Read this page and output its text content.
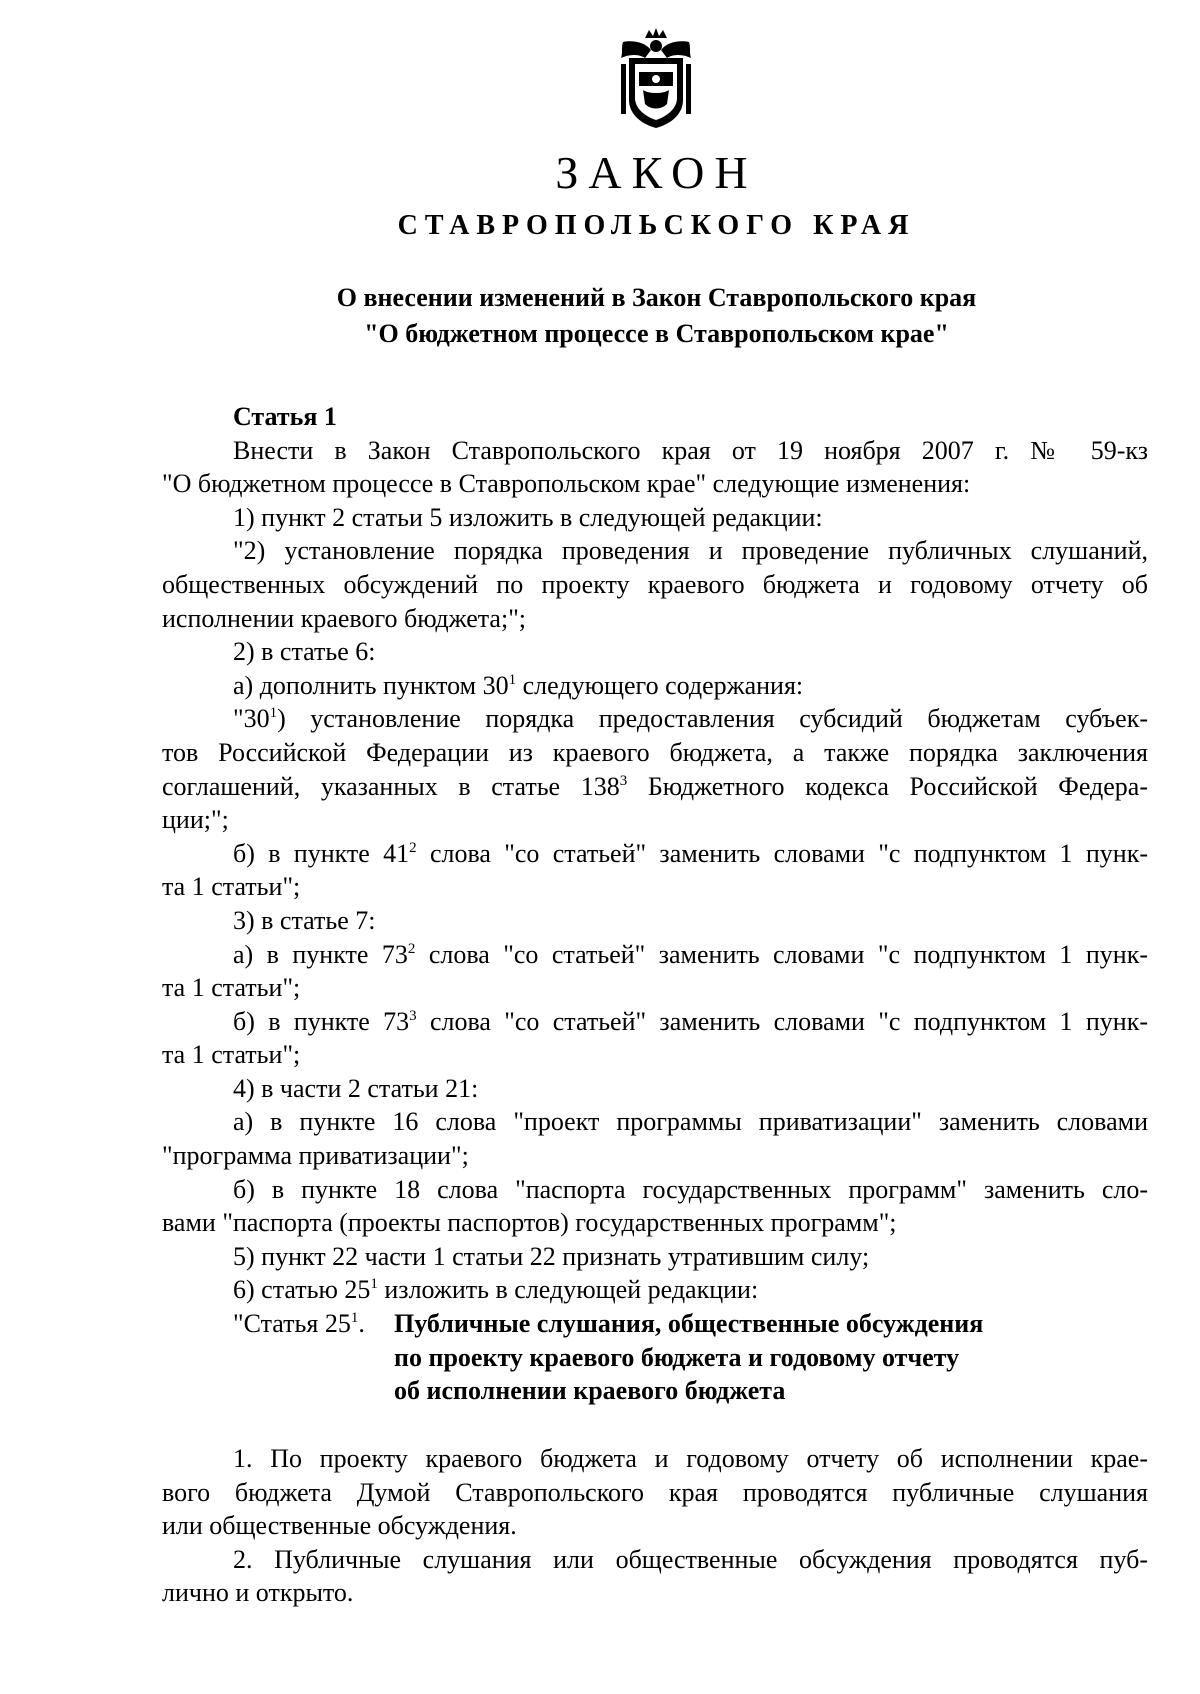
ЗАКОН
СТАВРОПОЛЬСКОГО КРАЯ
О внесении изменений в Закон Ставропольского края
"О бюджетном процессе в Ставропольском крае"
Статья 1
Внести в Закон Ставропольского края от 19 ноября 2007 г. № 59-кз
"О бюджетном процессе в Ставропольском крае" следующие изменения:
1) пункт 2 статьи 5 изложить в следующей редакции:
"2) установление порядка проведения и проведение публичных слушаний,
общественных обсуждений по проекту краевого бюджета и годовому отчету об
исполнении краевого бюджета;";
2) в статье 6:
а) дополнить пунктом $30^1$ следующего содержания:
"$30^1$) установление порядка предоставления субсидий бюджетам субъек-
тов Российской Федерации из краевого бюджета, а также порядка заключения
соглашений, указанных в статье $138^3$ Бюджетного кодекса Российской Федера-
ции;";
б) в пункте $41^2$ слова "со статьей" заменить словами "с подпунктом 1 пунк-
та 1 статьи";
3) в статье 7:
а) в пункте $73^2$ слова "со статьей" заменить словами "с подпунктом 1 пунк-
та 1 статьи";
б) в пункте $73^3$ слова "со статьей" заменить словами "с подпунктом 1 пунк-
та 1 статьи";
4) в части 2 статьи 21:
а) в пункте 16 слова "проект программы приватизации" заменить словами
"программа приватизации";
б) в пункте 18 слова "паспорта государственных программ" заменить сло-
вами "паспорта (проекты паспортов) государственных программ";
5) пункт 22 части 1 статьи 22 признать утратившим силу;
6) статью $25^1$ изложить в следующей редакции:
"Статья $25^1$. Публичные слушания, общественные обсуждения
по проекту краевого бюджета и годовому отчету
об исполнении краевого бюджета
1. По проекту краевого бюджета и годовому отчету об исполнении крае-
вого бюджета Думой Ставропольского края проводятся публичные слушания
или общественные обсуждения.
2. Публичные слушания или общественные обсуждения проводятся пуб-
лично и открыто.
